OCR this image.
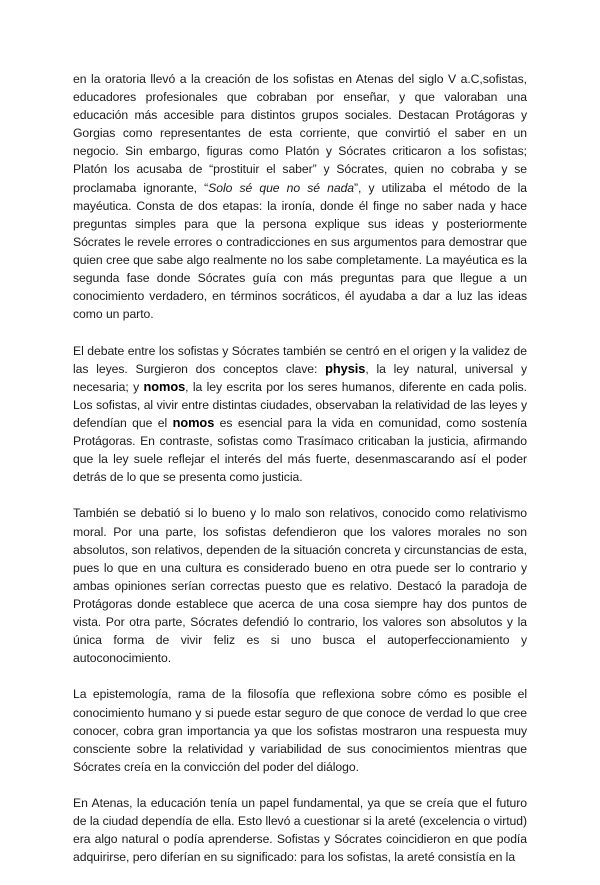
en la oratoria llevó a la creación de los sofistas en Atenas del siglo V a.C,sofistas, educadores profesionales que cobraban por enseñar, y que valoraban una educación más accesible para distintos grupos sociales. Destacan Protágoras y Gorgias como representantes de esta corriente, que convirtió el saber en un negocio. Sin embargo, figuras como Platón y Sócrates criticaron a los sofistas; Platón los acusaba de “prostituir el saber” y Sócrates, quien no cobraba y se proclamaba ignorante, “Solo sé que no sé nada”, y utilizaba el método de la mayéutica. Consta de dos etapas: la ironía, donde él finge no saber nada y hace preguntas simples para que la persona explique sus ideas y posteriormente Sócrates le revele errores o contradicciones en sus argumentos para demostrar que quien cree que sabe algo realmente no los sabe completamente. La mayéutica es la segunda fase donde Sócrates guía con más preguntas para que llegue a un conocimiento verdadero, en términos socráticos, él ayudaba a dar a luz las ideas como un parto.

El debate entre los sofistas y Sócrates también se centró en el origen y la validez de las leyes. Surgieron dos conceptos clave: physis, la ley natural, universal y necesaria; y nomos, la ley escrita por los seres humanos, diferente en cada polis. Los sofistas, al vivir entre distintas ciudades, observaban la relatividad de las leyes y defendían que el nomos es esencial para la vida en comunidad, como sostenía Protágoras. En contraste, sofistas como Trasímaco criticaban la justicia, afirmando que la ley suele reflejar el interés del más fuerte, desenmascarando así el poder detrás de lo que se presenta como justicia.

También se debatió si lo bueno y lo malo son relativos, conocido como relativismo moral. Por una parte, los sofistas defendieron que los valores morales no son absolutos, son relativos, dependen de la situación concreta y circunstancias de esta, pues lo que en una cultura es considerado bueno en otra puede ser lo contrario y ambas opiniones serían correctas puesto que es relativo. Destacó la paradoja de Protágoras donde establece que acerca de una cosa siempre hay dos puntos de vista. Por otra parte, Sócrates defendió lo contrario, los valores son absolutos y la única forma de vivir feliz es si uno busca el autoperfeccionamiento y autoconocimiento.

La epistemología, rama de la filosofía que reflexiona sobre cómo es posible el conocimiento humano y si puede estar seguro de que conoce de verdad lo que cree conocer, cobra gran importancia ya que los sofistas mostraron una respuesta muy consciente sobre la relatividad y variabilidad de sus conocimientos mientras que Sócrates creía en la convicción del poder del diálogo.

En Atenas, la educación tenía un papel fundamental, ya que se creía que el futuro de la ciudad dependía de ella. Esto llevó a cuestionar si la areté (excelencia o virtud) era algo natural o podía aprenderse. Sofistas y Sócrates coincidieron en que podía adquirirse, pero diferían en su significado: para los sofistas, la areté consistía en la
